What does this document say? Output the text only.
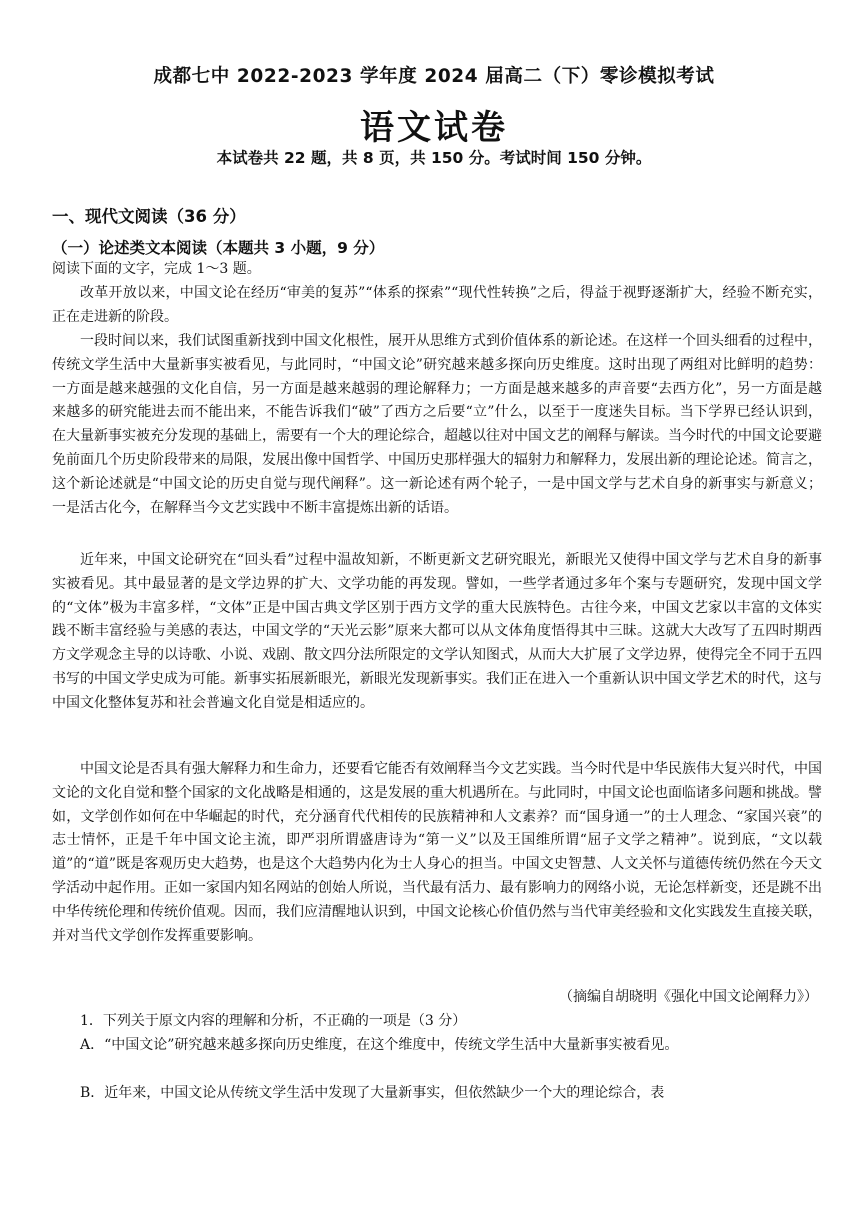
成都七中 2022-2023 学年度 2024 届高二（下）零诊模拟考试
语文试卷
本试卷共 22 题，共 8 页，共 150 分。考试时间 150 分钟。
一、现代文阅读（36 分）
（一）论述类文本阅读（本题共 3 小题，9 分）
阅读下面的文字，完成 1～3 题。
改革开放以来，中国文论在经历“审美的复苏”“体系的探索”“现代性转换”之后，得益于视野逐渐扩大，经验不断充实，正在走进新的阶段。
一段时间以来，我们试图重新找到中国文化根性，展开从思维方式到价值体系的新论述。在这样一个回头细看的过程中，传统文学生活中大量新事实被看见，与此同时，“中国文论”研究越来越多探向历史维度。这时出现了两组对比鲜明的趋势：一方面是越来越强的文化自信，另一方面是越来越弱的理论解释力；一方面是越来越多的声音要“去西方化”，另一方面是越来越多的研究能进去而不能出来，不能告诉我们“破”了西方之后要“立”什么，以至于一度迷失目标。当下学界已经认识到，在大量新事实被充分发现的基础上，需要有一个大的理论综合，超越以往对中国文艺的阐释与解读。当今时代的中国文论要避免前面几个历史阶段带来的局限，发展出像中国哲学、中国历史那样强大的辐射力和解释力，发展出新的理论论述。简言之，这个新论述就是“中国文论的历史自觉与现代阐释”。这一新论述有两个轮子，一是中国文学与艺术自身的新事实与新意义；一是活古化今，在解释当今文艺实践中不断丰富提炼出新的话语。
近年来，中国文论研究在“回头看”过程中温故知新，不断更新文艺研究眼光，新眼光又使得中国文学与艺术自身的新事实被看见。其中最显著的是文学边界的扩大、文学功能的再发现。譬如，一些学者通过多年个案与专题研究，发现中国文学的“文体”极为丰富多样，“文体”正是中国古典文学区别于西方文学的重大民族特色。古往今来，中国文艺家以丰富的文体实践不断丰富经验与美感的表达，中国文学的“天光云影”原来大都可以从文体角度悟得其中三昧。这就大大改写了五四时期西方文学观念主导的以诗歌、小说、戏剧、散文四分法所限定的文学认知图式，从而大大扩展了文学边界，使得完全不同于五四书写的中国文学史成为可能。新事实拓展新眼光，新眼光发现新事实。我们正在进入一个重新认识中国文学艺术的时代，这与中国文化整体复苏和社会普遍文化自觉是相适应的。
中国文论是否具有强大解释力和生命力，还要看它能否有效阐释当今文艺实践。当今时代是中华民族伟大复兴时代，中国文论的文化自觉和整个国家的文化战略是相通的，这是发展的重大机遇所在。与此同时，中国文论也面临诸多问题和挑战。譬如，文学创作如何在中华崛起的时代，充分涵育代代相传的民族精神和人文素养？而“国身通一”的士人理念、“家国兴衰”的志士情怀，正是千年中国文论主流，即严羽所谓盛唐诗为“第一义”以及王国维所谓“屈子文学之精神”。说到底，“文以载道”的“道”既是客观历史大趋势，也是这个大趋势内化为士人身心的担当。中国文史智慧、人文关怀与道德传统仍然在今天文学活动中起作用。正如一家国内知名网站的创始人所说，当代最有活力、最有影响力的网络小说，无论怎样新变，还是跳不出中华传统伦理和传统价值观。因而，我们应清醒地认识到，中国文论核心价值仍然与当代审美经验和文化实践发生直接关联，并对当代文学创作发挥重要影响。
（摘编自胡晓明《强化中国文论阐释力》）
1．下列关于原文内容的理解和分析，不正确的一项是（3 分）
A．“中国文论”研究越来越多探向历史维度，在这个维度中，传统文学生活中大量新事实被看见。
B．近年来，中国文论从传统文学生活中发现了大量新事实，但依然缺少一个大的理论综合，表
